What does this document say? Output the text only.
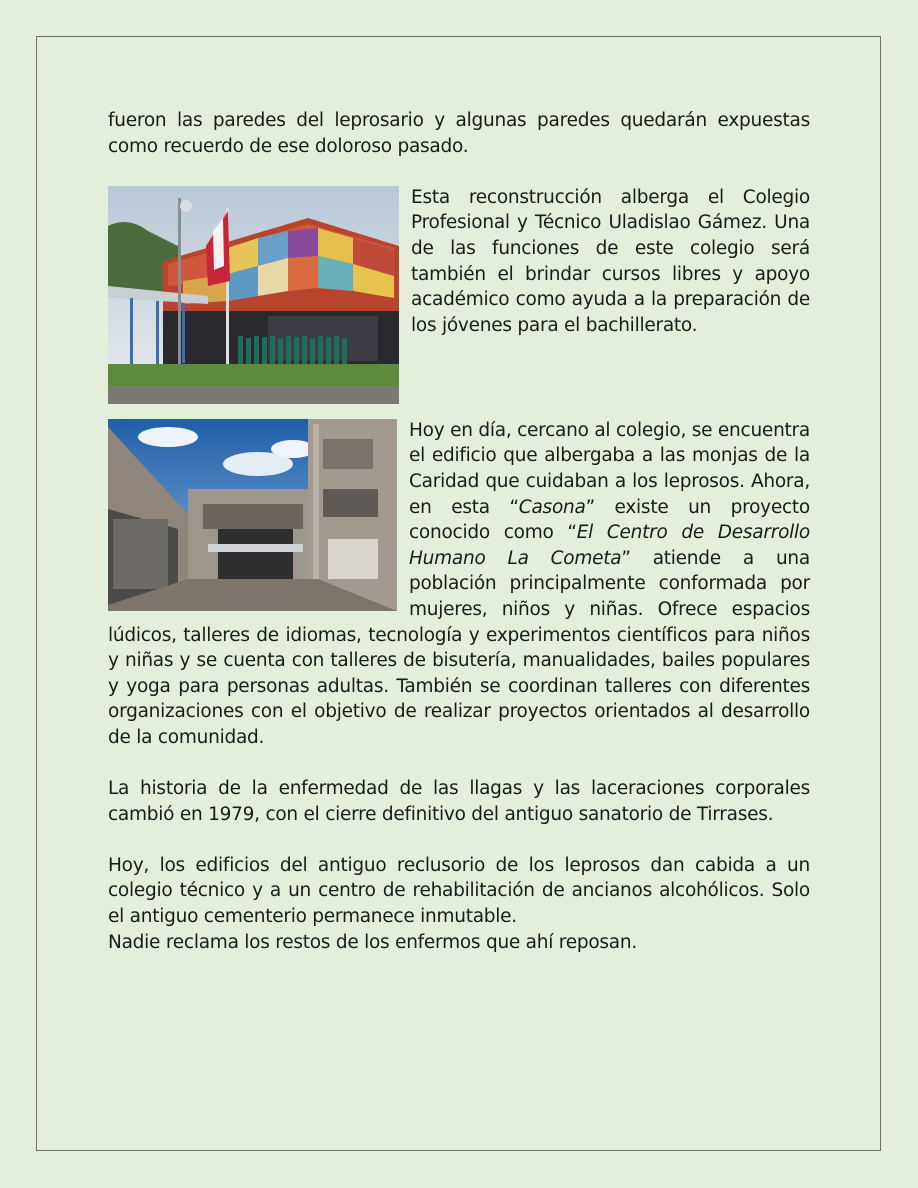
fueron las paredes del leprosario y algunas paredes quedarán expuestas como recuerdo de ese doloroso pasado.

Esta reconstrucción alberga el Colegio Profesional y Técnico Uladislao Gámez. Una de las funciones de este colegio será también el brindar cursos libres y apoyo académico como ayuda a la preparación de los jóvenes para el bachillerato.

Hoy en día, cercano al colegio, se encuentra el edificio que albergaba a las monjas de la Caridad que cuidaban a los leprosos. Ahora, en esta “Casona” existe un proyecto conocido como “El Centro de Desarrollo Humano La Cometa” atiende a una población principalmente conformada por mujeres, niños y niñas. Ofrece espacios lúdicos, talleres de idiomas, tecnología y experimentos científicos para niños y niñas y se cuenta con talleres de bisutería, manualidades, bailes populares y yoga para personas adultas. También se coordinan talleres con diferentes organizaciones con el objetivo de realizar proyectos orientados al desarrollo de la comunidad.

La historia de la enfermedad de las llagas y las laceraciones corporales cambió en 1979, con el cierre definitivo del antiguo sanatorio de Tirrases.

Hoy, los edificios del antiguo reclusorio de los leprosos dan cabida a un colegio técnico y a un centro de rehabilitación de ancianos alcohólicos. Solo el antiguo cementerio permanece inmutable.

Nadie reclama los restos de los enfermos que ahí reposan.
